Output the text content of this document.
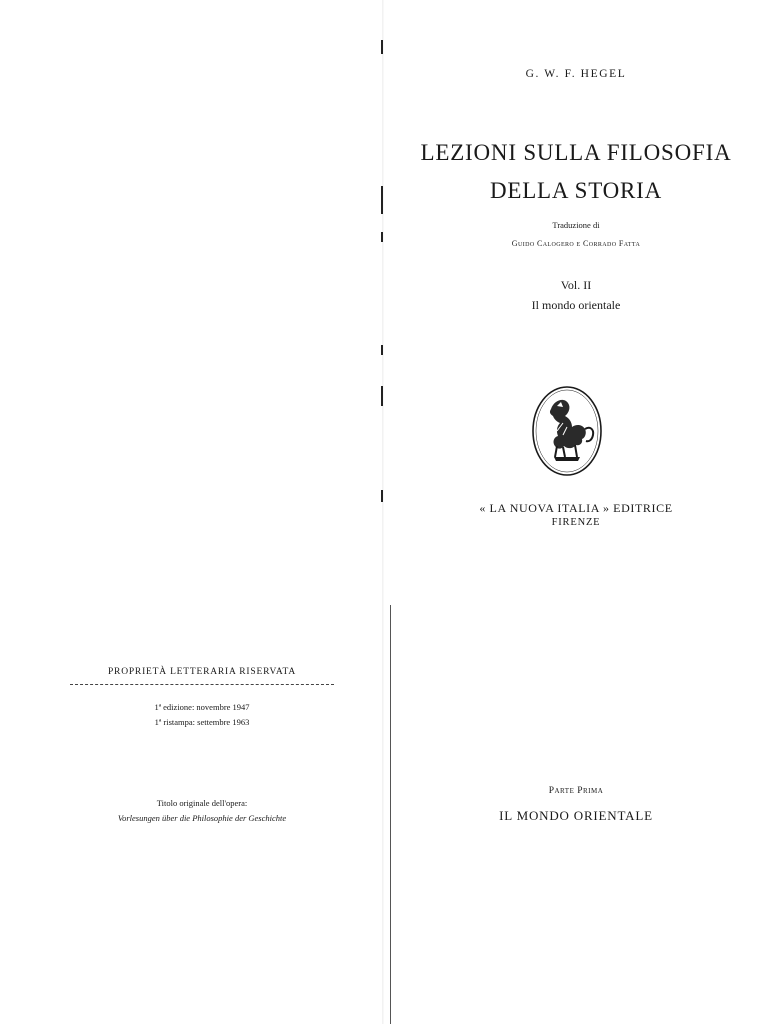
PROPRIETÀ LETTERARIA RISERVATA
1ª edizione: novembre 1947
1ª ristampa: settembre 1963
Titolo originale dell'opera:
Vorlesungen über die Philosophie der Geschichte
G. W. F. HEGEL
LEZIONI SULLA FILOSOFIA
DELLA STORIA
Traduzione di
Guido Calogero e Corrado Fatta
Vol. II
Il mondo orientale
« LA NUOVA ITALIA » EDITRICE
FIRENZE
Parte Prima
IL MONDO ORIENTALE
